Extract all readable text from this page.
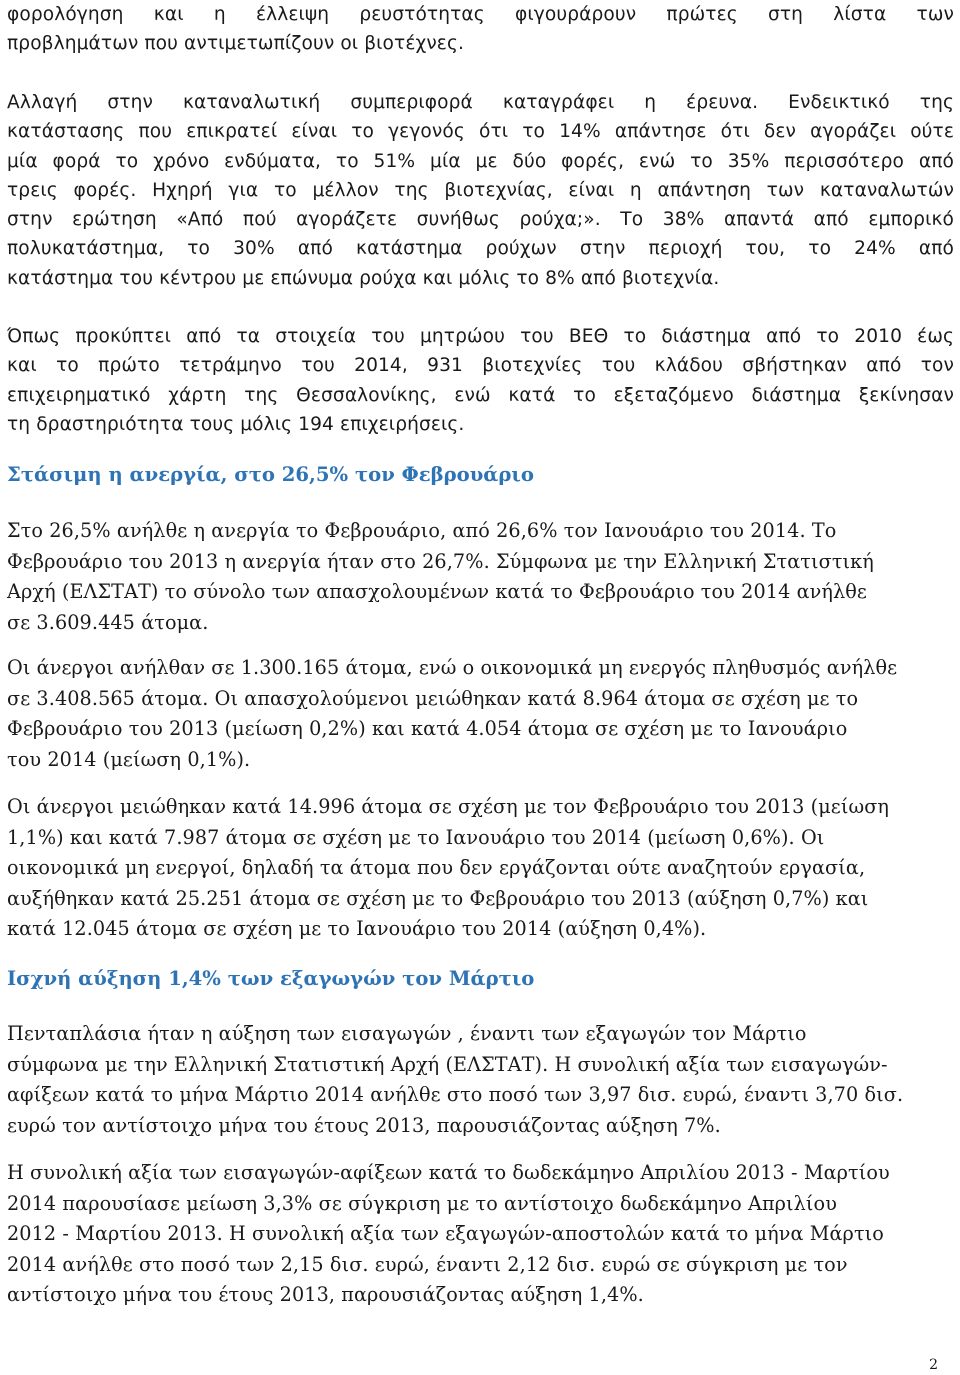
φορολόγηση και η έλλειψη ρευστότητας φιγουράρουν πρώτες στη λίστα των
προβλημάτων που αντιμετωπίζουν οι βιοτέχνες.
Αλλαγή στην καταναλωτική συμπεριφορά καταγράφει η έρευνα. Ενδεικτικό της
κατάστασης που επικρατεί είναι το γεγονός ότι το 14% απάντησε ότι δεν αγοράζει ούτε
μία φορά το χρόνο ενδύματα, το 51% μία με δύο φορές, ενώ το 35% περισσότερο από
τρεις φορές. Ηχηρή για το μέλλον της βιοτεχνίας, είναι η απάντηση των καταναλωτών
στην ερώτηση «Από πού αγοράζετε συνήθως ρούχα;». Το 38% απαντά από εμπορικό
πολυκατάστημα, το 30% από κατάστημα ρούχων στην περιοχή του, το 24% από
κατάστημα του κέντρου με επώνυμα ρούχα και μόλις το 8% από βιοτεχνία.
Όπως προκύπτει από τα στοιχεία του μητρώου του ΒΕΘ το διάστημα από το 2010 έως
και το πρώτο τετράμηνο του 2014, 931 βιοτεχνίες του κλάδου σβήστηκαν από τον
επιχειρηματικό χάρτη της Θεσσαλονίκης, ενώ κατά το εξεταζόμενο διάστημα ξεκίνησαν
τη δραστηριότητα τους μόλις 194 επιχειρήσεις.
Στάσιμη η ανεργία, στο 26,5% τον Φεβρουάριο
Στο 26,5% ανήλθε η ανεργία το Φεβρουάριο, από 26,6% τον Ιανουάριο του 2014. Το
Φεβρουάριο του 2013 η ανεργία ήταν στο 26,7%. Σύμφωνα με την Ελληνική Στατιστική
Αρχή (ΕΛΣΤΑΤ) το σύνολο των απασχολουμένων κατά το Φεβρουάριο του 2014 ανήλθε
σε 3.609.445 άτομα.
Οι άνεργοι ανήλθαν σε 1.300.165 άτομα, ενώ ο οικονομικά μη ενεργός πληθυσμός ανήλθε
σε 3.408.565 άτομα. Οι απασχολούμενοι μειώθηκαν κατά 8.964 άτομα σε σχέση με το
Φεβρουάριο του 2013 (μείωση 0,2%) και κατά 4.054 άτομα σε σχέση με το Ιανουάριο
του 2014 (μείωση 0,1%).
Οι άνεργοι μειώθηκαν κατά 14.996 άτομα σε σχέση με τον Φεβρουάριο του 2013 (μείωση
1,1%) και κατά 7.987 άτομα σε σχέση με το Ιανουάριο του 2014 (μείωση 0,6%). Οι
οικονομικά μη ενεργοί, δηλαδή τα άτομα που δεν εργάζονται ούτε αναζητούν εργασία,
αυξήθηκαν κατά 25.251 άτομα σε σχέση με το Φεβρουάριο του 2013 (αύξηση 0,7%) και
κατά 12.045 άτομα σε σχέση με το Ιανουάριο του 2014 (αύξηση 0,4%).
Ισχνή αύξηση 1,4% των εξαγωγών τον Μάρτιο
Πενταπλάσια ήταν η αύξηση των εισαγωγών , έναντι των εξαγωγών τον Μάρτιο
σύμφωνα με την Ελληνική Στατιστική Αρχή (ΕΛΣΤΑΤ). Η συνολική αξία των εισαγωγών-
αφίξεων κατά το μήνα Μάρτιο 2014 ανήλθε στο ποσό των 3,97 δισ. ευρώ, έναντι 3,70 δισ.
ευρώ τον αντίστοιχο μήνα του έτους 2013, παρουσιάζοντας αύξηση 7%.
Η συνολική αξία των εισαγωγών-αφίξεων κατά το δωδεκάμηνο Απριλίου 2013 - Μαρτίου
2014 παρουσίασε μείωση 3,3% σε σύγκριση με το αντίστοιχο δωδεκάμηνο Απριλίου
2012 - Μαρτίου 2013. Η συνολική αξία των εξαγωγών-αποστολών κατά το μήνα Μάρτιο
2014 ανήλθε στο ποσό των 2,15 δισ. ευρώ, έναντι 2,12 δισ. ευρώ σε σύγκριση με τον
αντίστοιχο μήνα του έτους 2013, παρουσιάζοντας αύξηση 1,4%.
2
